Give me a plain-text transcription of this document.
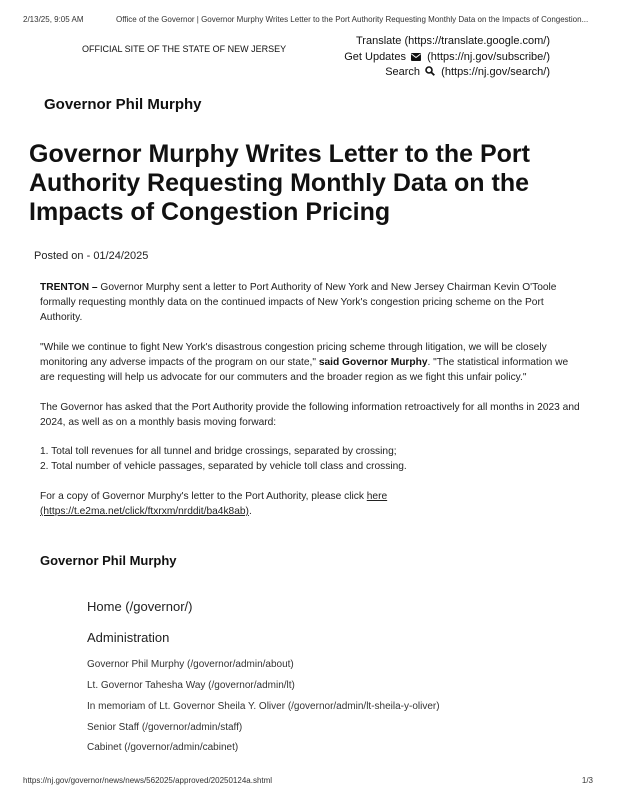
2/13/25, 9:05 AM	Office of the Governor | Governor Murphy Writes Letter to the Port Authority Requesting Monthly Data on the Impacts of Congestion...
OFFICIAL SITE OF THE STATE OF NEW JERSEY
Translate (https://translate.google.com/)
Get Updates (https://nj.gov/subscribe/)
Search (https://nj.gov/search/)
Governor Phil Murphy
Governor Murphy Writes Letter to the Port Authority Requesting Monthly Data on the Impacts of Congestion Pricing
Posted on - 01/24/2025

TRENTON – Governor Murphy sent a letter to Port Authority of New York and New Jersey Chairman Kevin O'Toole formally requesting monthly data on the continued impacts of New York's congestion pricing scheme on the Port Authority.

"While we continue to fight New York's disastrous congestion pricing scheme through litigation, we will be closely monitoring any adverse impacts of the program on our state," said Governor Murphy. "The statistical information we are requesting will help us advocate for our commuters and the broader region as we fight this unfair policy."

The Governor has asked that the Port Authority provide the following information retroactively for all months in 2023 and 2024, as well as on a monthly basis moving forward:

1. Total toll revenues for all tunnel and bridge crossings, separated by crossing;
2. Total number of vehicle passages, separated by vehicle toll class and crossing.

For a copy of Governor Murphy's letter to the Port Authority, please click here (https://t.e2ma.net/click/ftxrxm/nrddit/ba4k8ab).

Governor Phil Murphy
Home (/governor/)
Administration
Governor Phil Murphy (/governor/admin/about)
Lt. Governor Tahesha Way (/governor/admin/lt)
In memoriam of Lt. Governor Sheila Y. Oliver (/governor/admin/lt-sheila-y-oliver)
Senior Staff (/governor/admin/staff)
Cabinet (/governor/admin/cabinet)
https://nj.gov/governor/news/news/562025/approved/20250124a.shtml	1/3
